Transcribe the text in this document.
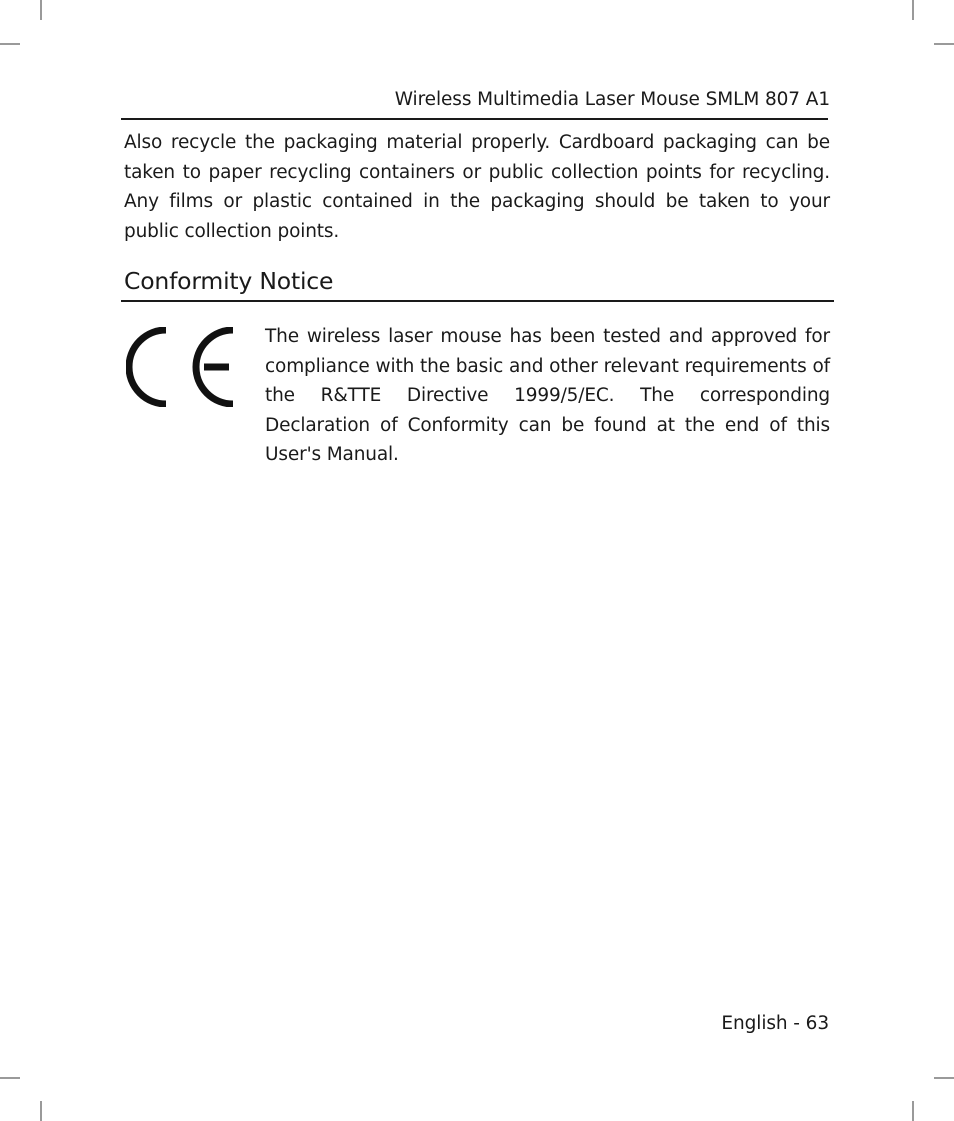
Wireless Multimedia Laser Mouse SMLM 807 A1

Also recycle the packaging material properly. Cardboard packaging can be taken to paper recycling containers or public collection points for recycling. Any films or plastic contained in the packaging should be taken to your public collection points.

Conformity Notice

The wireless laser mouse has been tested and approved for compliance with the basic and other relevant requirements of the R&TTE Directive 1999/5/EC. The corresponding Declaration of Conformity can be found at the end of this User's Manual.

English - 63
